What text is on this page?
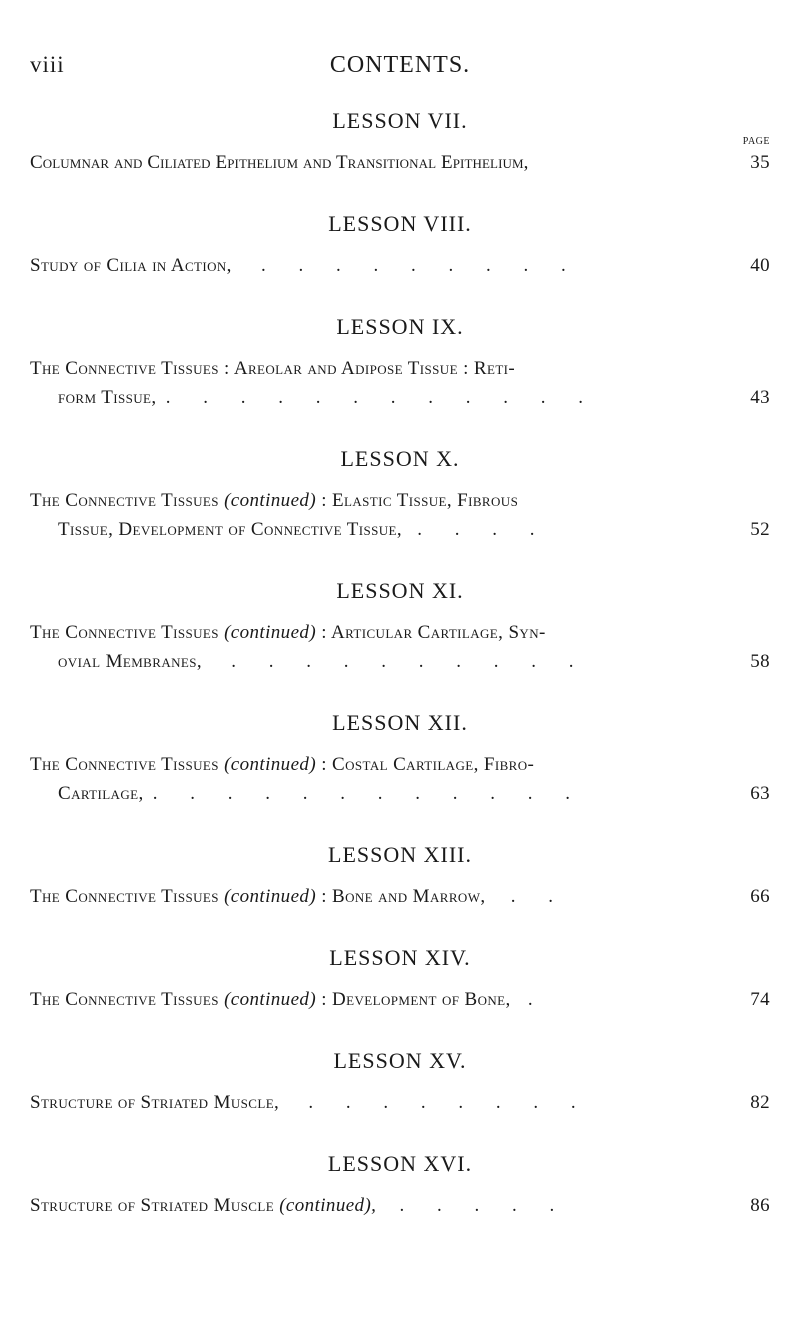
viii	CONTENTS.
PAGE
LESSON VII.
Columnar and Ciliated Epithelium and Transitional Epithelium,	35
LESSON VIII.
Study of Cilia in Action, . . . . . . . . .	40
LESSON IX.
The Connective Tissues : Areolar and Adipose Tissue : Reti-
form Tissue, . . . . . . . . . . . .	43
LESSON X.
The Connective Tissues (continued) : Elastic Tissue, Fibrous
Tissue, Development of Connective Tissue, . . . .	52
LESSON XI.
The Connective Tissues (continued) : Articular Cartilage, Syn-
ovial Membranes, . . . . . . . . . .	58
LESSON XII.
The Connective Tissues (continued) : Costal Cartilage, Fibro-
Cartilage, . . . . . . . . . . . .	63
LESSON XIII.
The Connective Tissues (continued) : Bone and Marrow, . .	66
LESSON XIV.
The Connective Tissues (continued) : Development of Bone, .	74
LESSON XV.
Structure of Striated Muscle, . . . . . . . .	82
LESSON XVI.
Structure of Striated Muscle (continued), . . . . .	86
